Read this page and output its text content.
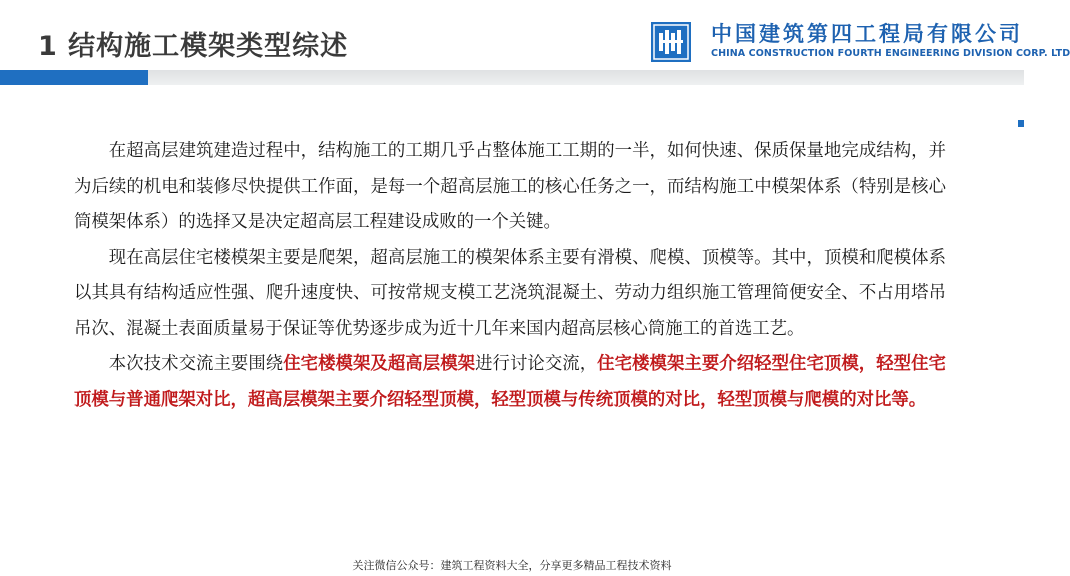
1 结构施工模架类型综述	中国建筑第四工程局有限公司
CHINA CONSTRUCTION FOURTH ENGINEERING DIVISION CORP. LTD

在超高层建筑建造过程中，结构施工的工期几乎占整体施工工期的一半，如何快速、保质保量地完成结构，并为后续的机电和装修尽快提供工作面，是每一个超高层施工的核心任务之一，而结构施工中模架体系（特别是核心筒模架体系）的选择又是决定超高层工程建设成败的一个关键。

现在高层住宅楼模架主要是爬架，超高层施工的模架体系主要有滑模、爬模、顶模等。其中，顶模和爬模体系以其具有结构适应性强、爬升速度快、可按常规支模工艺浇筑混凝土、劳动力组织施工管理简便安全、不占用塔吊吊次、混凝土表面质量易于保证等优势逐步成为近十几年来国内超高层核心筒施工的首选工艺。

本次技术交流主要围绕住宅楼模架及超高层模架进行讨论交流，住宅楼模架主要介绍轻型住宅顶模，轻型住宅顶模与普通爬架对比，超高层模架主要介绍轻型顶模，轻型顶模与传统顶模的对比，轻型顶模与爬模的对比等。

关注微信公众号：建筑工程资料大全，分享更多精品工程技术资料
